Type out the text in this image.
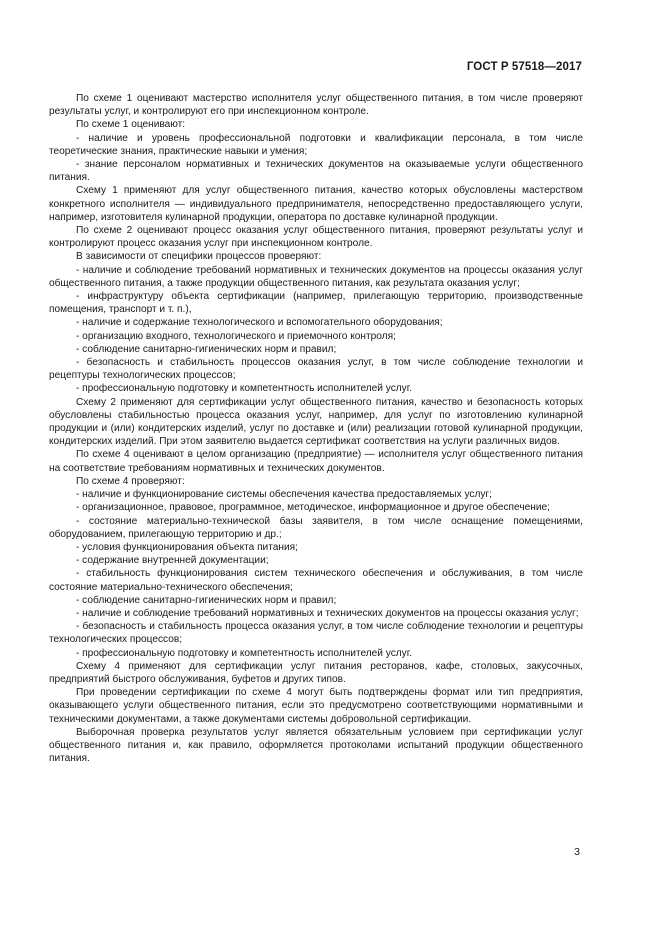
ГОСТ Р 57518—2017

По схеме 1 оценивают мастерство исполнителя услуг общественного питания, в том числе проверяют результаты услуг, и контролируют его при инспекционном контроле.

По схеме 1 оценивают:

- наличие и уровень профессиональной подготовки и квалификации персонала, в том числе теоретические знания, практические навыки и умения;

- знание персоналом нормативных и технических документов на оказываемые услуги общественного питания.

Схему 1 применяют для услуг общественного питания, качество которых обусловлены мастерством конкретного исполнителя — индивидуального предпринимателя, непосредственно предоставляющего услуги, например, изготовителя кулинарной продукции, оператора по доставке кулинарной продукции.

По схеме 2 оценивают процесс оказания услуг общественного питания, проверяют результаты услуг и контролируют процесс оказания услуг при инспекционном контроле.

В зависимости от специфики процессов проверяют:

- наличие и соблюдение требований нормативных и технических документов на процессы оказания услуг общественного питания, а также продукции общественного питания, как результата оказания услуг;

- инфраструктуру объекта сертификации (например, прилегающую территорию, производственные помещения, транспорт и т. п.),

- наличие и содержание технологического и вспомогательного оборудования;

- организацию входного, технологического и приемочного контроля;

- соблюдение санитарно-гигиенических норм и правил;

- безопасность и стабильность процессов оказания услуг, в том числе соблюдение технологии и рецептуры технологических процессов;

- профессиональную подготовку и компетентность исполнителей услуг.

Схему 2 применяют для сертификации услуг общественного питания, качество и безопасность которых обусловлены стабильностью процесса оказания услуг, например, для услуг по изготовлению кулинарной продукции и (или) кондитерских изделий, услуг по доставке и (или) реализации готовой кулинарной продукции, кондитерских изделий. При этом заявителю выдается сертификат соответствия на услуги различных видов.

По схеме 4 оценивают в целом организацию (предприятие) — исполнителя услуг общественного питания на соответствие требованиям нормативных и технических документов.

По схеме 4 проверяют:

- наличие и функционирование системы обеспечения качества предоставляемых услуг;

- организационное, правовое, программное, методическое, информационное и другое обеспечение;

- состояние материально-технической базы заявителя, в том числе оснащение помещениями, оборудованием, прилегающую территорию и др.;

- условия функционирования объекта питания;

- содержание внутренней документации;

- стабильность функционирования систем технического обеспечения и обслуживания, в том числе состояние материально-технического обеспечения;

- соблюдение санитарно-гигиенических норм и правил;

- наличие и соблюдение требований нормативных и технических документов на процессы оказания услуг;

- безопасность и стабильность процесса оказания услуг, в том числе соблюдение технологии и рецептуры технологических процессов;

- профессиональную подготовку и компетентность исполнителей услуг.

Схему 4 применяют для сертификации услуг питания ресторанов, кафе, столовых, закусочных, предприятий быстрого обслуживания, буфетов и других типов.

При проведении сертификации по схеме 4 могут быть подтверждены формат или тип предприятия, оказывающего услуги общественного питания, если это предусмотрено соответствующими нормативными и техническими документами, а также документами системы добровольной сертификации.

Выборочная проверка результатов услуг является обязательным условием при сертификации услуг общественного питания и, как правило, оформляется протоколами испытаний продукции общественного питания.

3
